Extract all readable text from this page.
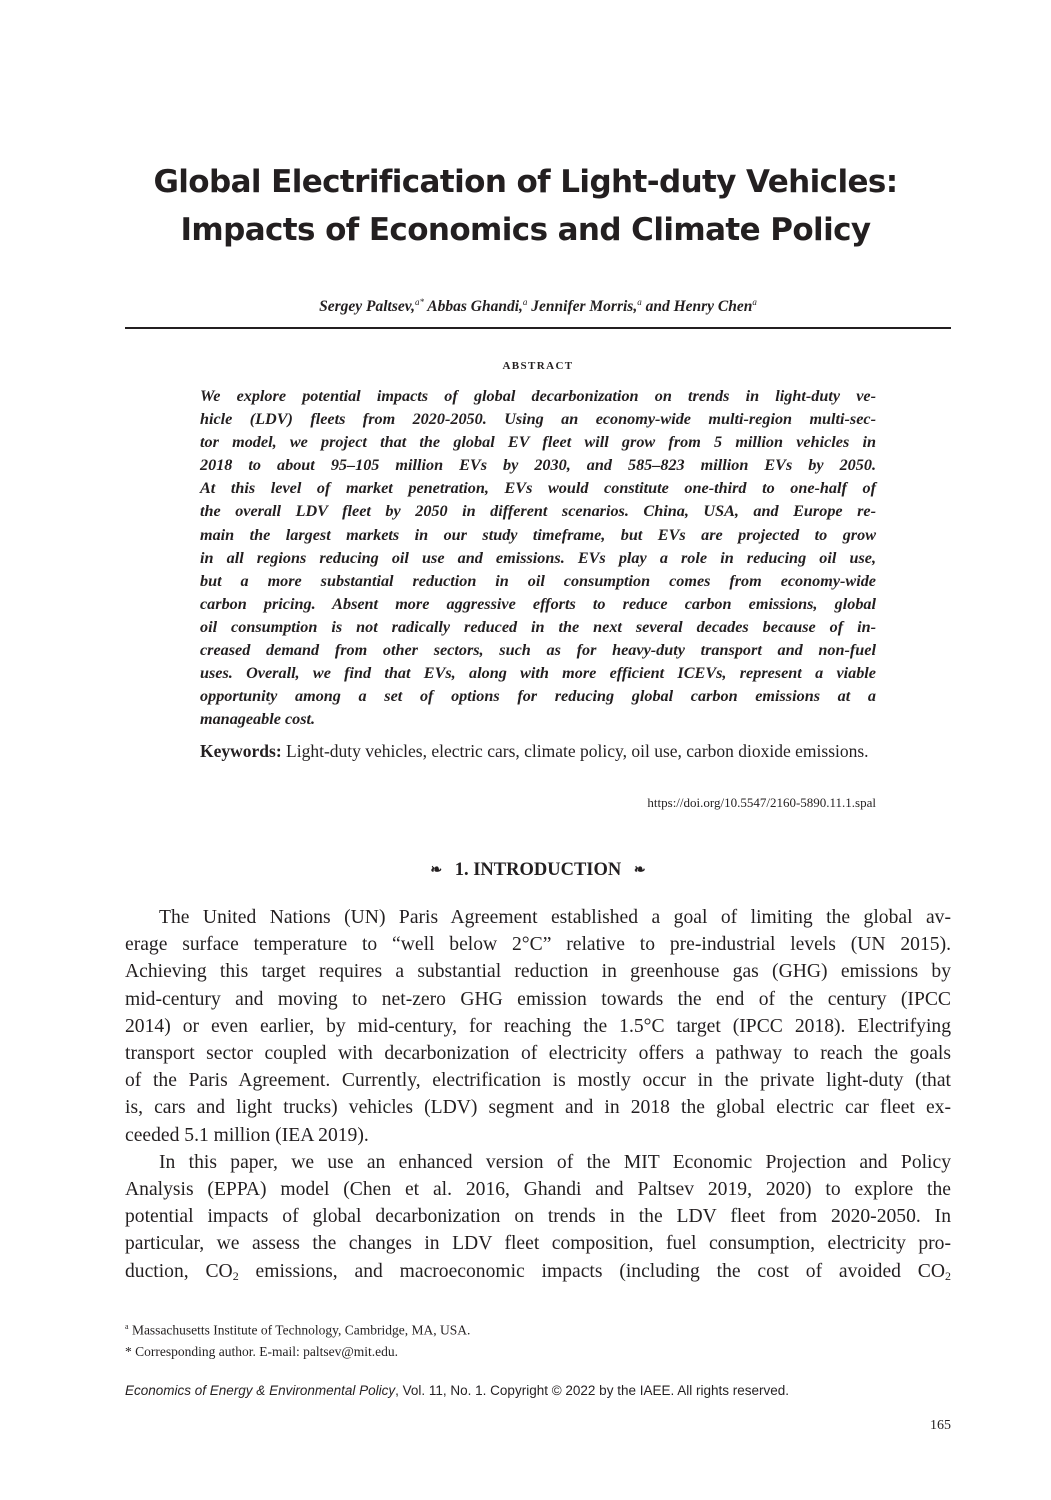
Global Electrification of Light-duty Vehicles:
Impacts of Economics and Climate Policy
Sergey Paltsev,$^{a*}$ Abbas Ghandi,$^a$ Jennifer Morris,$^a$ and Henry Chen$^a$
ABSTRACT
We explore potential impacts of global decarbonization on trends in light-duty ve-
hicle (LDV) fleets from 2020-2050. Using an economy-wide multi-region multi-sec-
tor model, we project that the global EV fleet will grow from 5 million vehicles in
2018 to about 95–105 million EVs by 2030, and 585–823 million EVs by 2050.
At this level of market penetration, EVs would constitute one-third to one-half of
the overall LDV fleet by 2050 in different scenarios. China, USA, and Europe re-
main the largest markets in our study timeframe, but EVs are projected to grow
in all regions reducing oil use and emissions. EVs play a role in reducing oil use,
but a more substantial reduction in oil consumption comes from economy-wide
carbon pricing. Absent more aggressive efforts to reduce carbon emissions, global
oil consumption is not radically reduced in the next several decades because of in-
creased demand from other sectors, such as for heavy-duty transport and non-fuel
uses. Overall, we find that EVs, along with more efficient ICEVs, represent a viable
opportunity among a set of options for reducing global carbon emissions at a
manageable cost.
Keywords: Light-duty vehicles, electric cars, climate policy, oil use, carbon dioxide emissions.
https://doi.org/10.5547/2160-5890.11.1.spal
❧ 1. INTRODUCTION ❧
The United Nations (UN) Paris Agreement established a goal of limiting the global av-
erage surface temperature to “well below 2°C” relative to pre-industrial levels (UN 2015).
Achieving this target requires a substantial reduction in greenhouse gas (GHG) emissions by
mid-century and moving to net-zero GHG emission towards the end of the century (IPCC
2014) or even earlier, by mid-century, for reaching the 1.5°C target (IPCC 2018). Electrifying
transport sector coupled with decarbonization of electricity offers a pathway to reach the goals
of the Paris Agreement. Currently, electrification is mostly occur in the private light-duty (that
is, cars and light trucks) vehicles (LDV) segment and in 2018 the global electric car fleet ex-
ceeded 5.1 million (IEA 2019).
In this paper, we use an enhanced version of the MIT Economic Projection and Policy
Analysis (EPPA) model (Chen et al. 2016, Ghandi and Paltsev 2019, 2020) to explore the
potential impacts of global decarbonization on trends in the LDV fleet from 2020-2050. In
particular, we assess the changes in LDV fleet composition, fuel consumption, electricity pro-
duction, $CO_2$ emissions, and macroeconomic impacts (including the cost of avoided $CO_2$
$^a$ Massachusetts Institute of Technology, Cambridge, MA, USA.
* Corresponding author. E-mail: paltsev@mit.edu.
Economics of Energy & Environmental Policy, Vol. 11, No. 1. Copyright © 2022 by the IAEE. All rights reserved.
165
